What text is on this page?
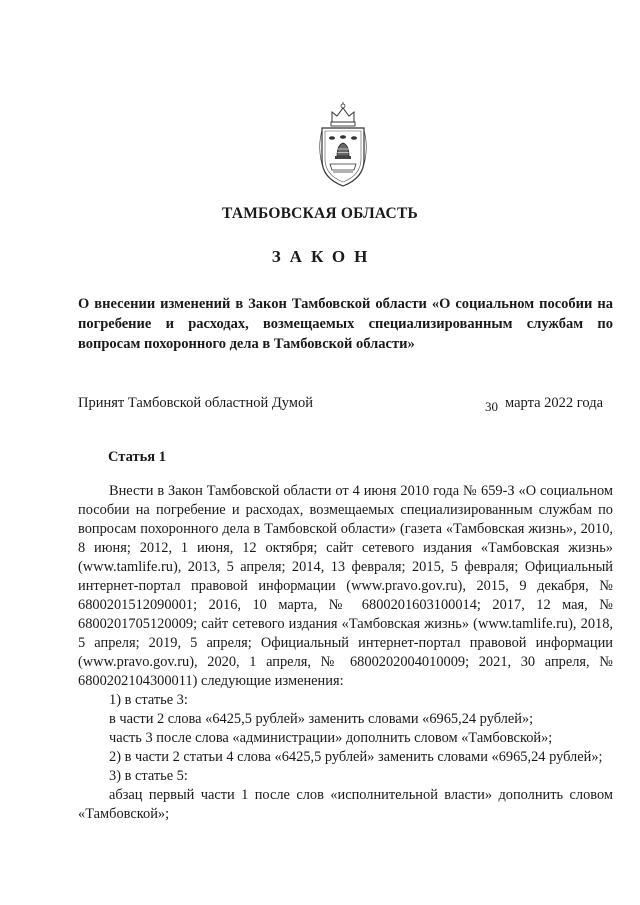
ТАМБОВСКАЯ ОБЛАСТЬ
ЗАКОН
О внесении изменений в Закон Тамбовской области «О социальном пособии на погребение и расходах, возмещаемых специализированным службам по вопросам похоронного дела в Тамбовской области»
Принят Тамбовской областной Думой	30 марта 2022 года
Статья 1

Внести в Закон Тамбовской области от 4 июня 2010 года № 659-З «О социальном пособии на погребение и расходах, возмещаемых специализированным службам по вопросам похоронного дела в Тамбовской области» (газета «Тамбовская жизнь», 2010, 8 июня; 2012, 1 июня, 12 октября; сайт сетевого издания «Тамбовская жизнь» (www.tamlife.ru), 2013, 5 апреля; 2014, 13 февраля; 2015, 5 февраля; Официальный интернет-портал правовой информации (www.pravo.gov.ru), 2015, 9 декабря, № 6800201512090001; 2016, 10 марта, № 6800201603100014; 2017, 12 мая, № 6800201705120009; сайт сетевого издания «Тамбовская жизнь» (www.tamlife.ru), 2018, 5 апреля; 2019, 5 апреля; Официальный интернет-портал правовой информации (www.pravo.gov.ru), 2020, 1 апреля, № 6800202004010009; 2021, 30 апреля, № 6800202104300011) следующие изменения:

1) в статье 3:

в части 2 слова «6425,5 рублей» заменить словами «6965,24 рублей»;

часть 3 после слова «администрации» дополнить словом «Тамбовской»;

2) в части 2 статьи 4 слова «6425,5 рублей» заменить словами «6965,24 рублей»;

3) в статье 5:

абзац первый части 1 после слов «исполнительной власти» дополнить словом «Тамбовской»;
